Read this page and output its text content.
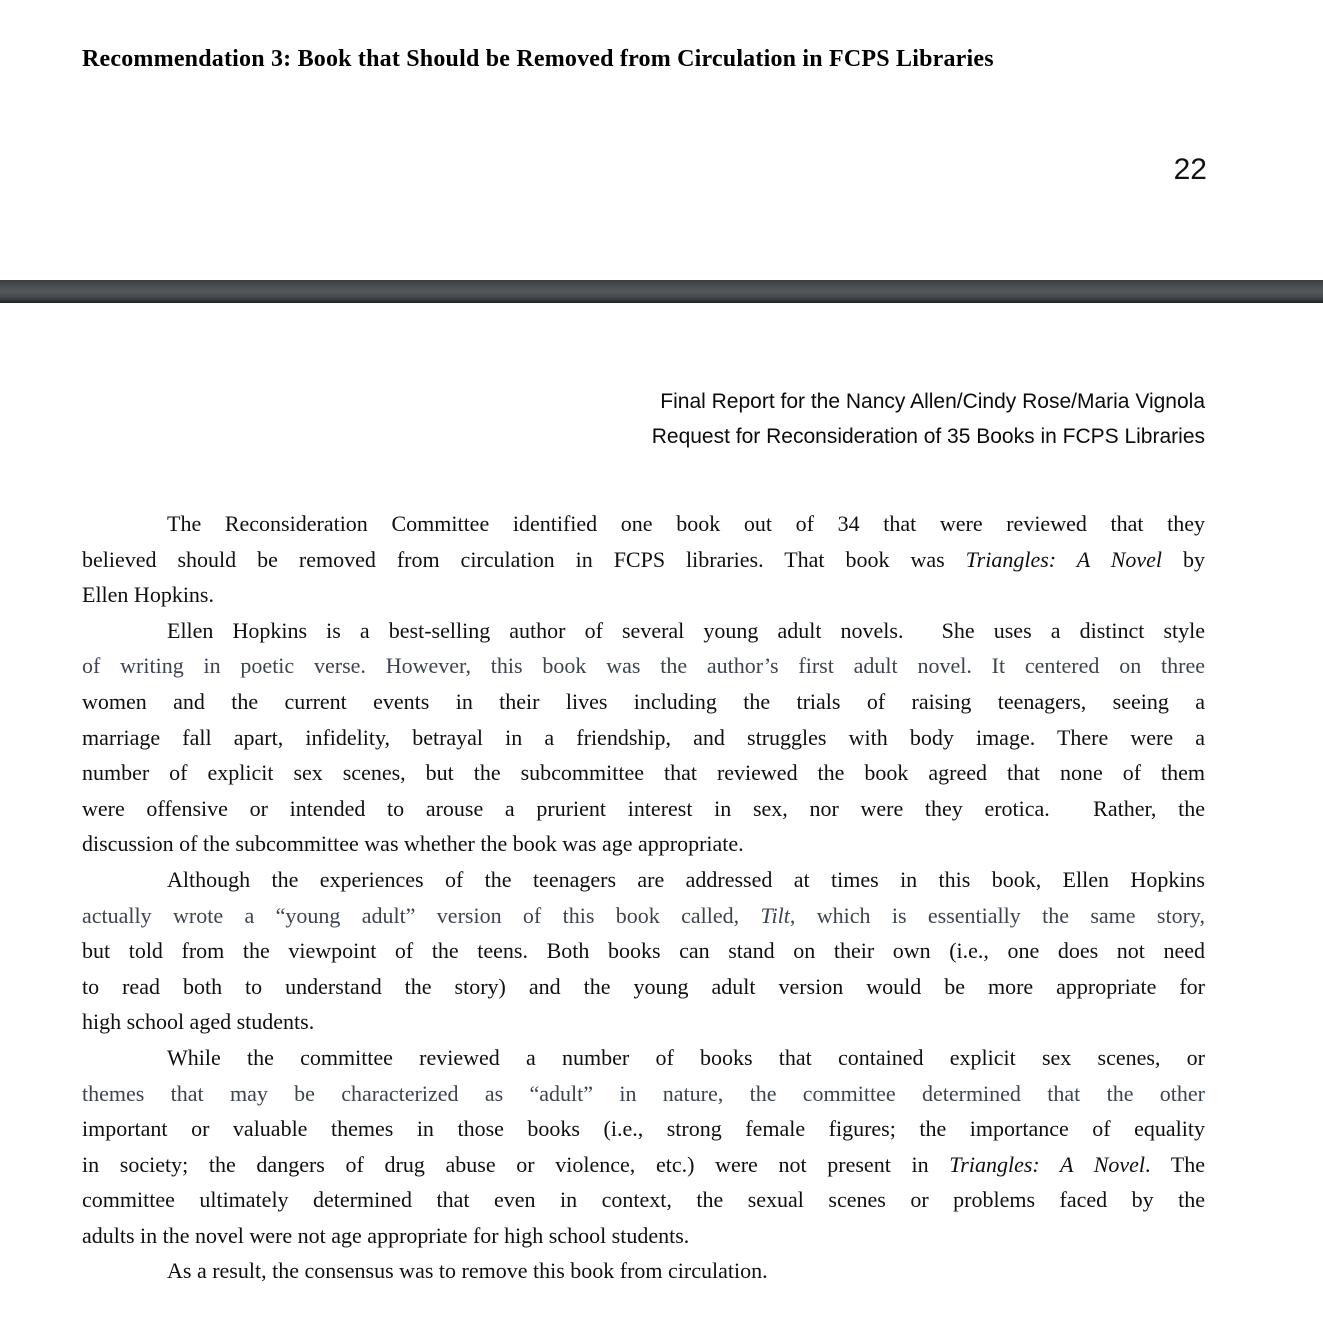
Recommendation 3: Book that Should be Removed from Circulation in FCPS Libraries
22
Final Report for the Nancy Allen/Cindy Rose/Maria Vignola
Request for Reconsideration of 35 Books in FCPS Libraries
The Reconsideration Committee identified one book out of 34 that were reviewed that they
believed should be removed from circulation in FCPS libraries. That book was Triangles: A Novel by
Ellen Hopkins.
Ellen Hopkins is a best-selling author of several young adult novels.  She uses a distinct style
of writing in poetic verse. However, this book was the author’s first adult novel. It centered on three
women and the current events in their lives including the trials of raising teenagers, seeing a
marriage fall apart, infidelity, betrayal in a friendship, and struggles with body image. There were a
number of explicit sex scenes, but the subcommittee that reviewed the book agreed that none of them
were offensive or intended to arouse a prurient interest in sex, nor were they erotica.  Rather, the
discussion of the subcommittee was whether the book was age appropriate.
Although the experiences of the teenagers are addressed at times in this book, Ellen Hopkins
actually wrote a “young adult” version of this book called, Tilt, which is essentially the same story,
but told from the viewpoint of the teens. Both books can stand on their own (i.e., one does not need
to read both to understand the story) and the young adult version would be more appropriate for
high school aged students.
While the committee reviewed a number of books that contained explicit sex scenes, or
themes that may be characterized as “adult” in nature, the committee determined that the other
important or valuable themes in those books (i.e., strong female figures; the importance of equality
in society; the dangers of drug abuse or violence, etc.) were not present in Triangles: A Novel. The
committee ultimately determined that even in context, the sexual scenes or problems faced by the
adults in the novel were not age appropriate for high school students.
As a result, the consensus was to remove this book from circulation.
